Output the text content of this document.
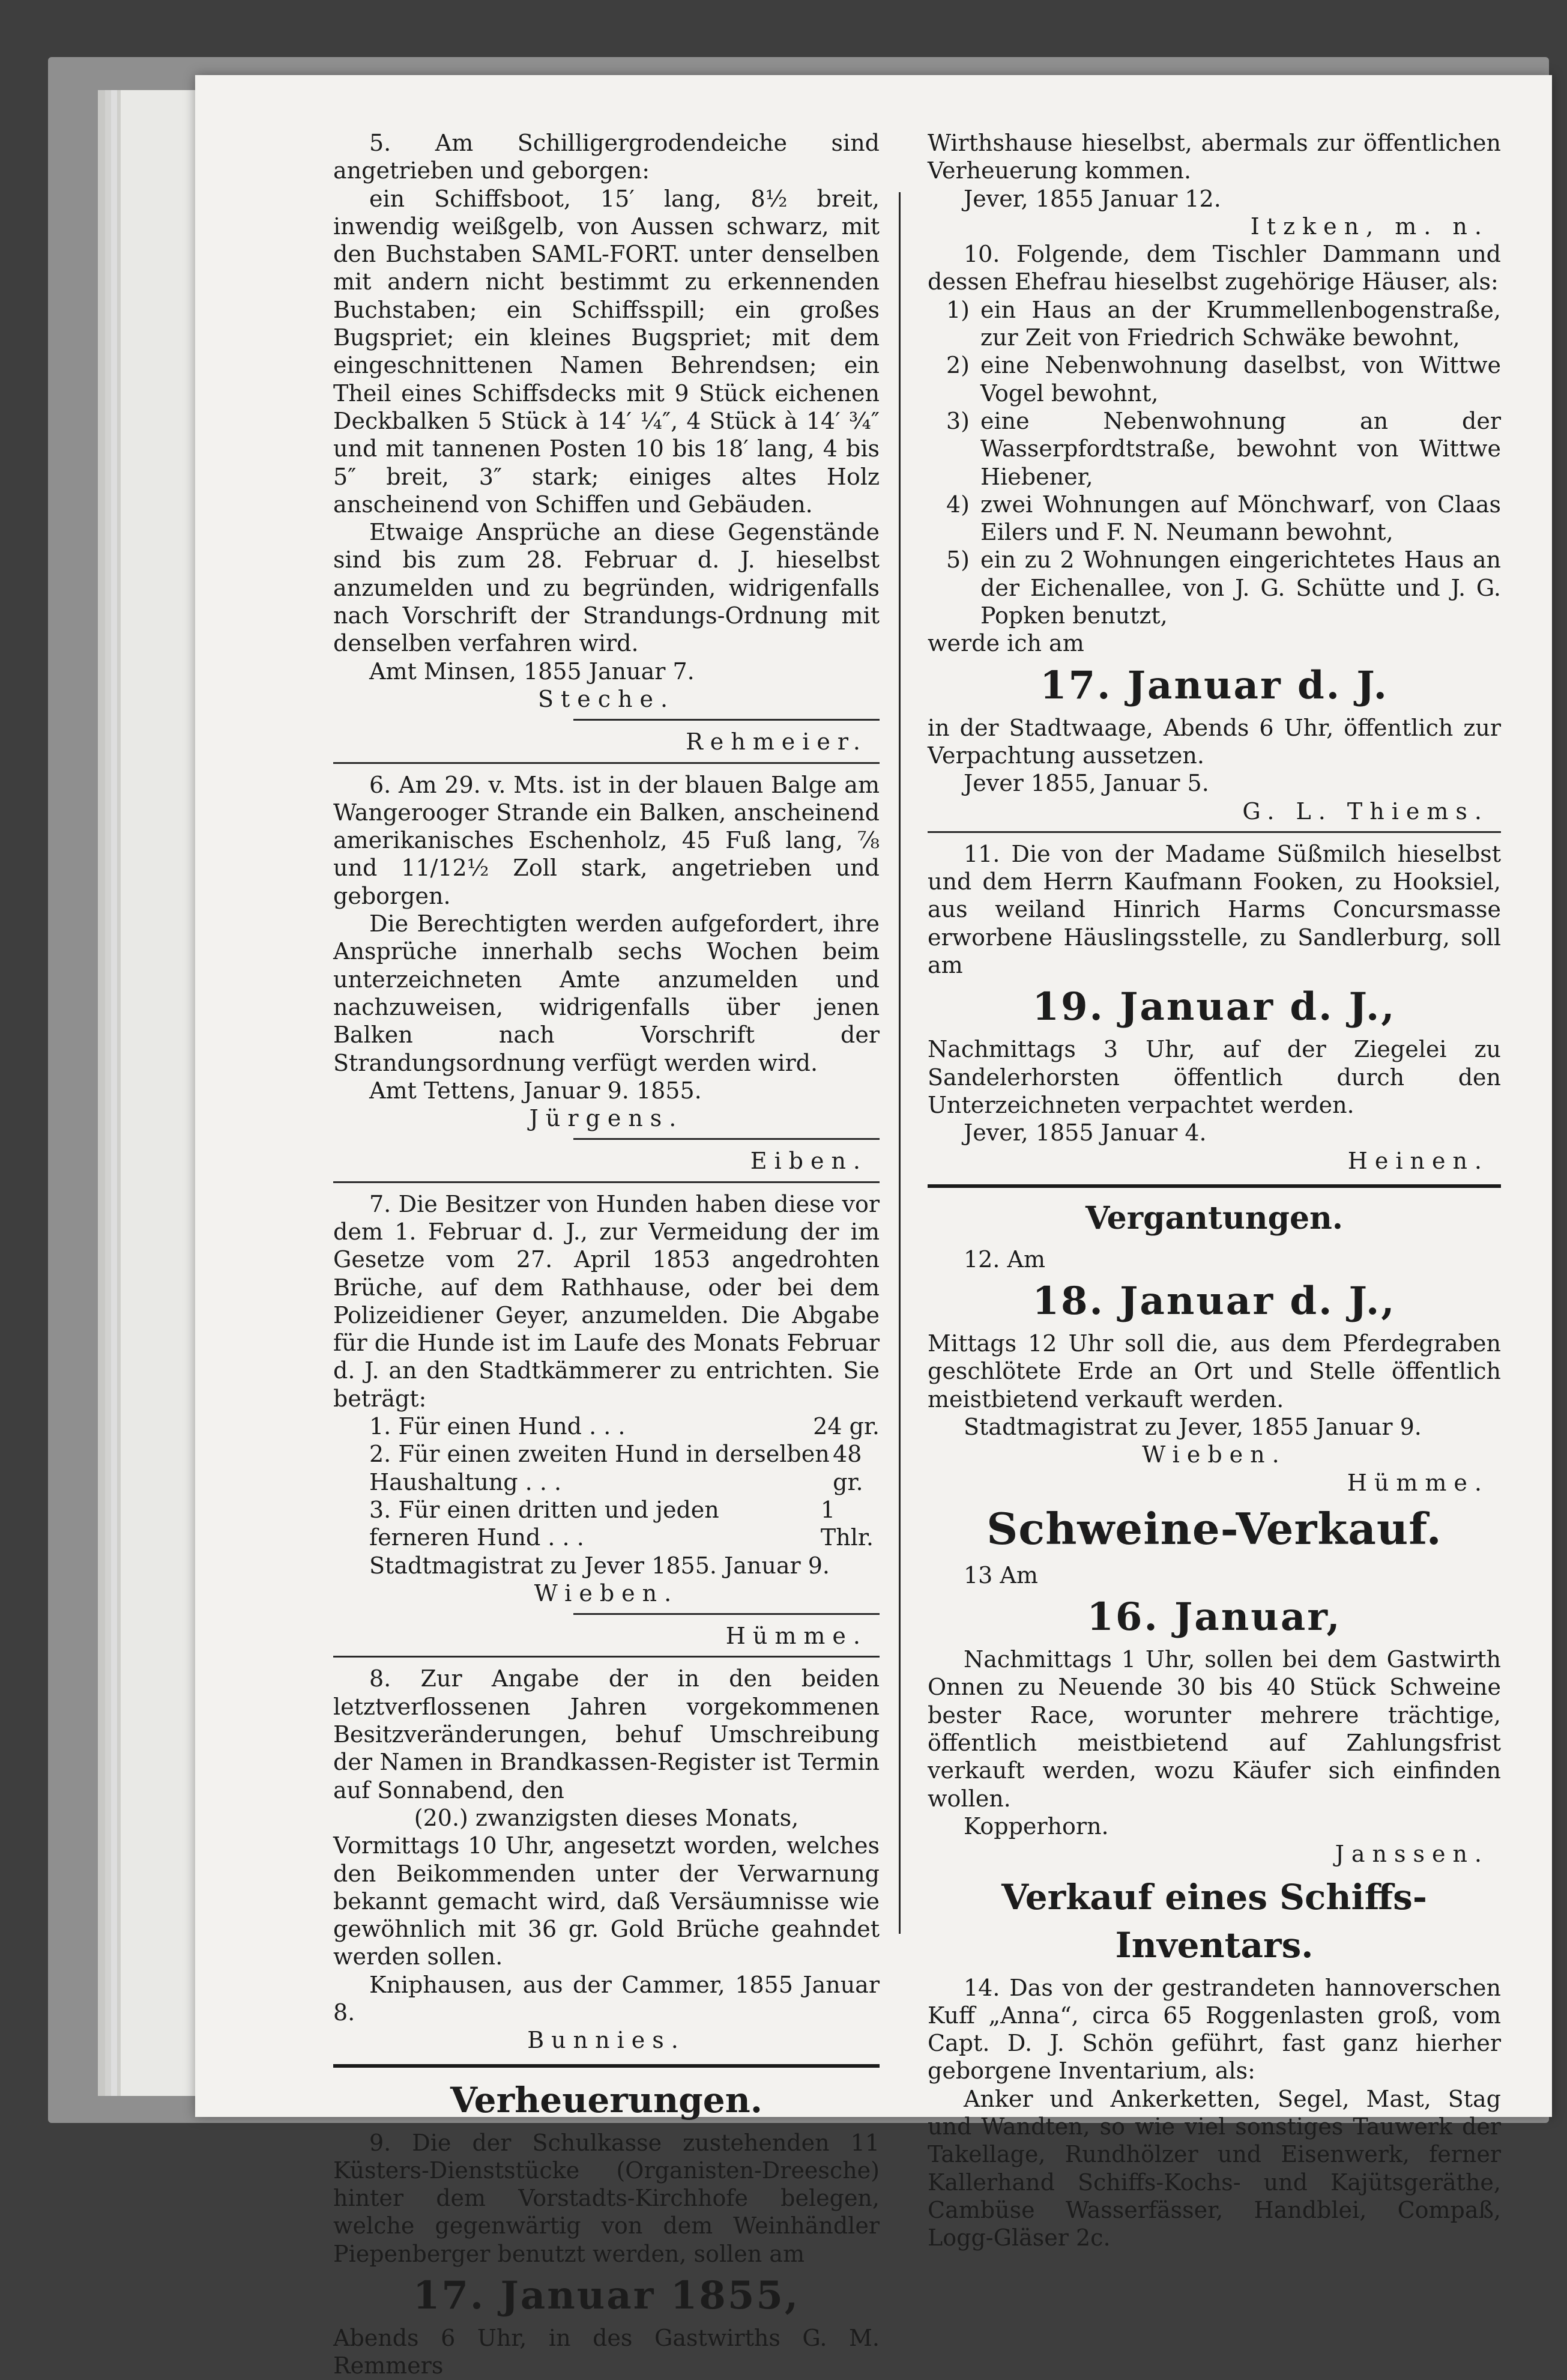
5. Am Schilligergrodendeiche sind angetrieben und geborgen:

ein Schiffsboot, 15′ lang, 8½ breit, inwendig weißgelb, von Aussen schwarz, mit den Buchstaben SAML-FORT. unter denselben mit andern nicht bestimmt zu erkennenden Buchstaben; ein Schiffsspill; ein großes Bugspriet; ein kleines Bugspriet; mit dem eingeschnittenen Namen Behrendsen; ein Theil eines Schiffsdecks mit 9 Stück eichenen Deckbalken 5 Stück à 14′ ¼″, 4 Stück à 14′ ¾″ und mit tannenen Posten 10 bis 18′ lang, 4 bis 5″ breit, 3″ stark; einiges altes Holz anscheinend von Schiffen und Gebäuden.

Etwaige Ansprüche an diese Gegenstände sind bis zum 28. Februar d. J. hieselbst anzumelden und zu begründen, widrigenfalls nach Vorschrift der Strandungs-Ordnung mit denselben verfahren wird.

Amt Minsen, 1855 Januar 7.

Steche.

Rehmeier.

6. Am 29. v. Mts. ist in der blauen Balge am Wangerooger Strande ein Balken, anscheinend amerikanisches Eschenholz, 45 Fuß lang, ⅞ und 11/12½ Zoll stark, angetrieben und geborgen.

Die Berechtigten werden aufgefordert, ihre Ansprüche innerhalb sechs Wochen beim unterzeichneten Amte anzumelden und nachzuweisen, widrigenfalls über jenen Balken nach Vorschrift der Strandungsordnung verfügt werden wird.

Amt Tettens, Januar 9. 1855.

Jürgens.

Eiben.

7. Die Besitzer von Hunden haben diese vor dem 1. Februar d. J., zur Vermeidung der im Gesetze vom 27. April 1853 angedrohten Brüche, auf dem Rathhause, oder bei dem Polizeidiener Geyer, anzumelden. Die Abgabe für die Hunde ist im Laufe des Monats Februar d. J. an den Stadtkämmerer zu entrichten. Sie beträgt:

1. Für einen Hund . . .	24 gr.
2. Für einen zweiten Hund in derselben Haushaltung . . .
48 gr.
3. Für einen dritten und jeden ferneren Hund . . .
1 Thlr.

Stadtmagistrat zu Jever 1855. Januar 9.

Wieben.

Hümme.

8. Zur Angabe der in den beiden letztverflossenen Jahren vorgekommenen Besitzveränderungen, behuf Umschreibung der Namen in Brandkassen-Register ist Termin auf Sonnabend, den

(20.) zwanzigsten dieses Monats,

Vormittags 10 Uhr, angesetzt worden, welches den Beikommenden unter der Verwarnung bekannt gemacht wird, daß Versäumnisse wie gewöhnlich mit 36 gr. Gold Brüche geahndet werden sollen.

Kniphausen, aus der Cammer, 1855 Januar 8.

Bunnies.

Verheuerungen.

9. Die der Schulkasse zustehenden 11 Küsters-Dienststücke (Organisten-Dreesche) hinter dem Vorstadts-Kirchhofe belegen, welche gegenwärtig von dem Weinhändler Piepenberger benutzt werden, sollen am

17. Januar 1855,

Abends 6 Uhr, in des Gastwirths G. M. Remmers

Wirthshause hieselbst, abermals zur öffentlichen Verheuerung kommen.

Jever, 1855 Januar 12.

Itzken, m. n.

10. Folgende, dem Tischler Dammann und dessen Ehefrau hieselbst zugehörige Häuser, als:

1) ein Haus an der Krummellenbogenstraße, zur Zeit von Friedrich Schwäke bewohnt,
2) eine Nebenwohnung daselbst, von Wittwe Vogel bewohnt,
3) eine Nebenwohnung an der Wasserpfordtstraße, bewohnt von Wittwe Hiebener,
4) zwei Wohnungen auf Mönchwarf, von Claas Eilers und F. N. Neumann bewohnt,
5) ein zu 2 Wohnungen eingerichtetes Haus an der Eichenallee, von J. G. Schütte und J. G. Popken benutzt,

werde ich am

17. Januar d. J.

in der Stadtwaage, Abends 6 Uhr, öffentlich zur Verpachtung aussetzen.

Jever 1855, Januar 5.

G. L. Thiems.

11. Die von der Madame Süßmilch hieselbst und dem Herrn Kaufmann Fooken, zu Hooksiel, aus weiland Hinrich Harms Concursmasse erworbene Häuslingsstelle, zu Sandlerburg, soll am

19. Januar d. J.,

Nachmittags 3 Uhr, auf der Ziegelei zu Sandelerhorsten öffentlich durch den Unterzeichneten verpachtet werden.

Jever, 1855 Januar 4.

Heinen.

Vergantungen.

12. Am

18. Januar d. J.,

Mittags 12 Uhr soll die, aus dem Pferdegraben geschlötete Erde an Ort und Stelle öffentlich meistbietend verkauft werden.

Stadtmagistrat zu Jever, 1855 Januar 9.

Wieben.

Hümme.

Schweine-Verkauf.

13 Am

16. Januar,

Nachmittags 1 Uhr, sollen bei dem Gastwirth Onnen zu Neuende 30 bis 40 Stück Schweine bester Race, worunter mehrere trächtige, öffentlich meistbietend auf Zahlungsfrist verkauft werden, wozu Käufer sich einfinden wollen.

Kopperhorn.

Janssen.

Verkauf eines Schiffs-Inventars.

14. Das von der gestrandeten hannoverschen Kuff „Anna“, circa 65 Roggenlasten groß, vom Capt. D. J. Schön geführt, fast ganz hierher geborgene Inventarium, als:

Anker und Ankerketten, Segel, Mast, Stag und Wandten, so wie viel sonstiges Tauwerk der Takellage, Rundhölzer und Eisenwerk, ferner Kallerhand Schiffs-Kochs- und Kajütsgeräthe, Cambüse Wasserfässer, Handblei, Compaß, Logg-Gläser 2c.
